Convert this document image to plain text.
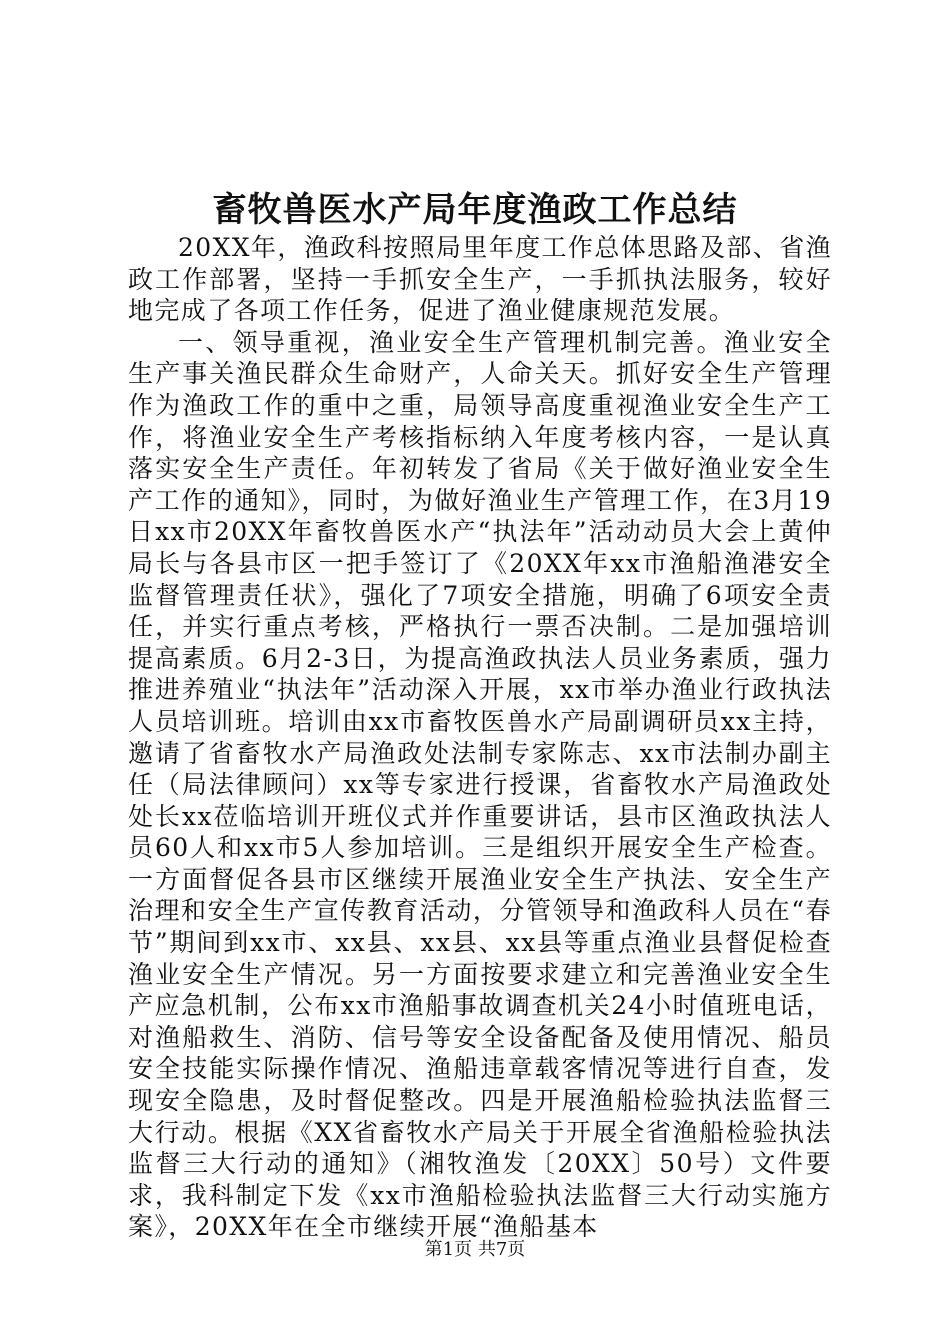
畜牧兽医水产局年度渔政工作总结

20XX年，渔政科按照局里年度工作总体思路及部、省渔政工作部署，坚持一手抓安全生产，一手抓执法服务，较好地完成了各项工作任务，促进了渔业健康规范发展。

一、领导重视，渔业安全生产管理机制完善。渔业安全生产事关渔民群众生命财产，人命关天。抓好安全生产管理作为渔政工作的重中之重，局领导高度重视渔业安全生产工作，将渔业安全生产考核指标纳入年度考核内容，一是认真落实安全生产责任。年初转发了省局《关于做好渔业安全生产工作的通知》，同时，为做好渔业生产管理工作，在3月19日xx市20XX年畜牧兽医水产“执法年”活动动员大会上黄仲局长与各县市区一把手签订了《20XX年xx市渔船渔港安全监督管理责任状》，强化了7项安全措施，明确了6项安全责任，并实行重点考核，严格执行一票否决制。二是加强培训提高素质。6月2-3日，为提高渔政执法人员业务素质，强力推进养殖业“执法年”活动深入开展，xx市举办渔业行政执法人员培训班。培训由xx市畜牧医兽水产局副调研员xx主持，邀请了省畜牧水产局渔政处法制专家陈志、xx市法制办副主任（局法律顾问）xx等专家进行授课，省畜牧水产局渔政处处长xx莅临培训开班仪式并作重要讲话，县市区渔政执法人员60人和xx市5人参加培训。三是组织开展安全生产检查。一方面督促各县市区继续开展渔业安全生产执法、安全生产治理和安全生产宣传教育活动，分管领导和渔政科人员在“春节”期间到xx市、xx县、xx县、xx县等重点渔业县督促检查渔业安全生产情况。另一方面按要求建立和完善渔业安全生产应急机制，公布xx市渔船事故调查机关24小时值班电话，对渔船救生、消防、信号等安全设备配备及使用情况、船员安全技能实际操作情况、渔船违章载客情况等进行自查，发现安全隐患，及时督促整改。四是开展渔船检验执法监督三大行动。根据《XX省畜牧水产局关于开展全省渔船检验执法监督三大行动的通知》（湘牧渔发〔20XX〕50号）文件要求，我科制定下发《xx市渔船检验执法监督三大行动实施方案》，20XX年在全市继续开展“渔船基本

第1页 共7页
